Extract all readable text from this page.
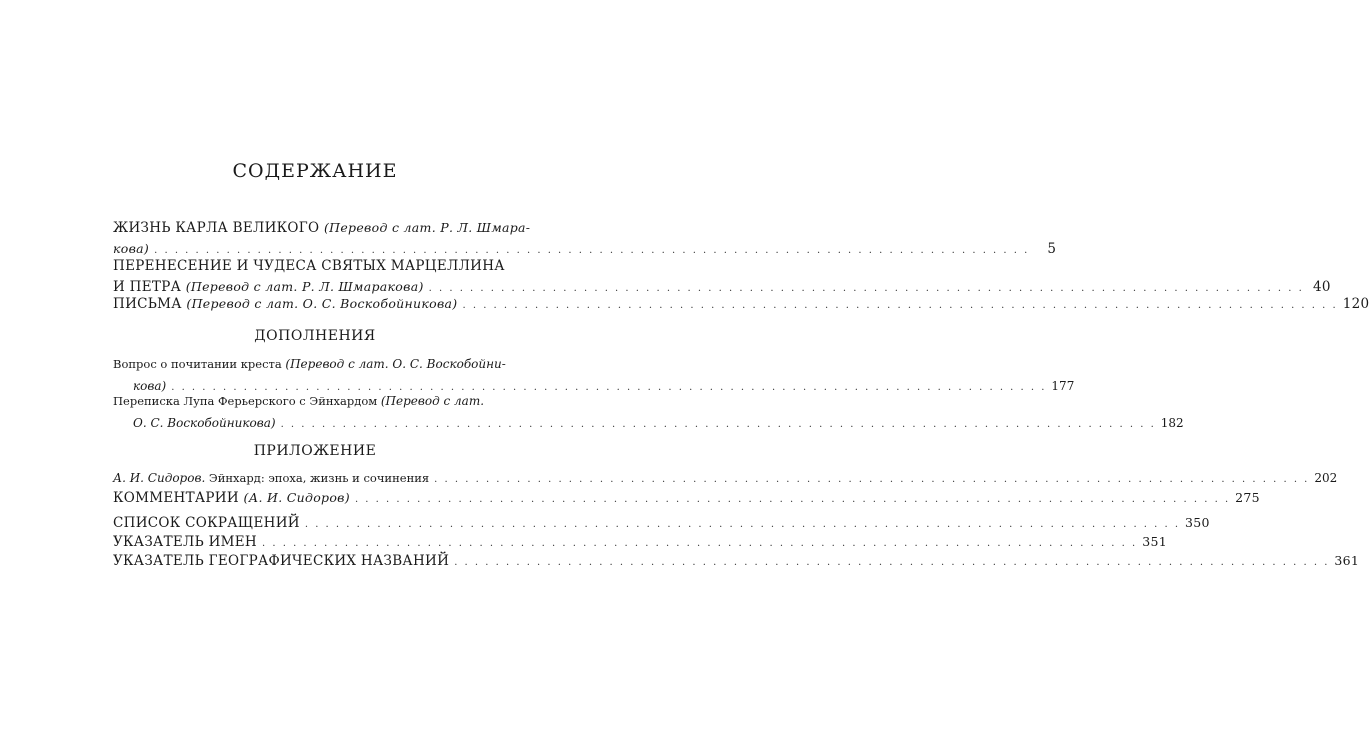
СОДЕРЖАНИЕ
ЖИЗНЬ КАРЛА ВЕЛИКОГО (Перевод с лат. Р. Л. Шмара-
кова) . . .	5
ПЕРЕНЕСЕНИЕ И ЧУДЕСА СВЯТЫХ МАРЦЕЛЛИНА
И ПЕТРА (Перевод с лат. Р. Л. Шмаракова) . . .	40
ПИСЬМА (Перевод с лат. О. С. Воскобойникова) . . .	120
ДОПОЛНЕНИЯ
Вопрос о почитании креста (Перевод с лат. О. С. Воскобойни-
кова) . . .	177
Переписка Лупа Ферьерского с Эйнхардом (Перевод с лат.
О. С. Воскобойникова) . . .	182
ПРИЛОЖЕНИЕ
А. И. Сидоров. Эйнхард: эпоха, жизнь и сочинения . . .	202
КОММЕНТАРИИ (А. И. Сидоров) . . .	275
СПИСОК СОКРАЩЕНИЙ . . .	350
УКАЗАТЕЛЬ ИМЕН . . .	351
УКАЗАТЕЛЬ ГЕОГРАФИЧЕСКИХ НАЗВАНИЙ . . .	361
